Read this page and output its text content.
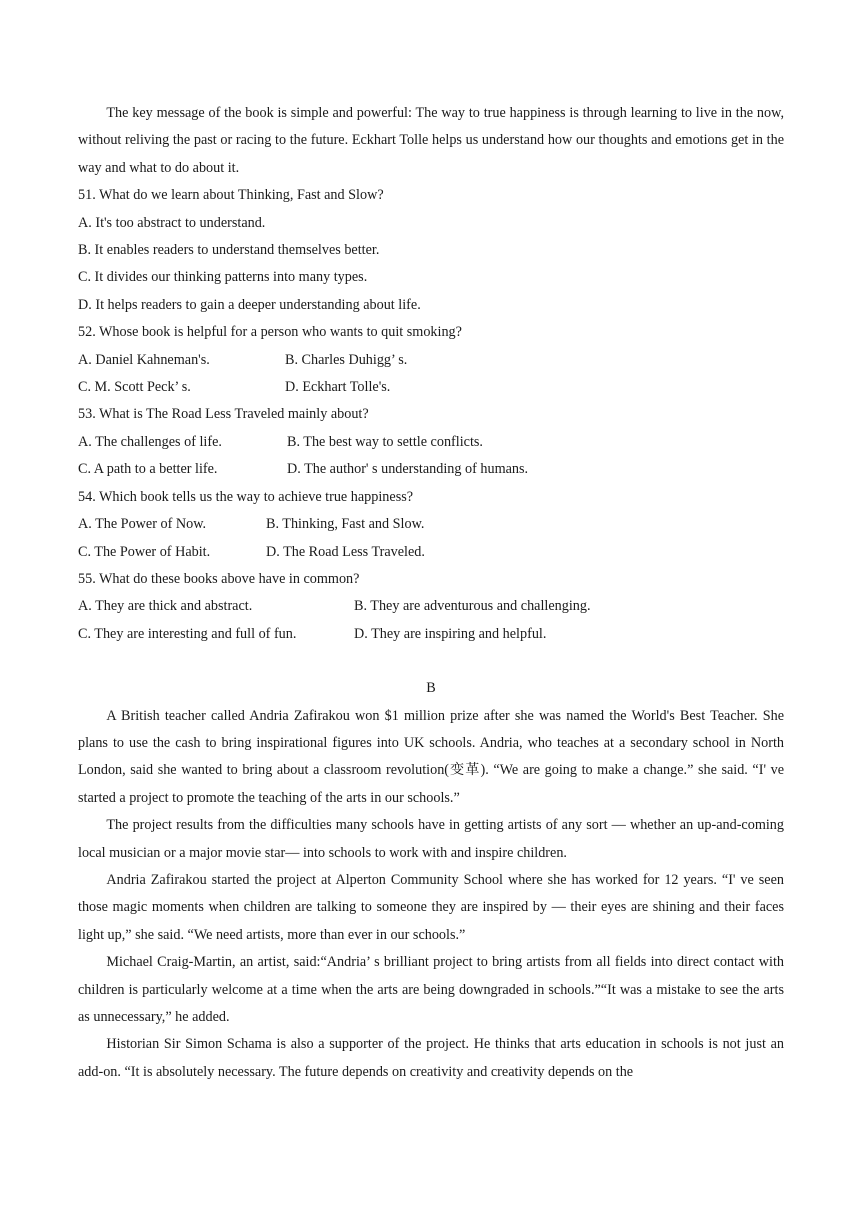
The key message of the book is simple and powerful: The way to true happiness is through learning to live in the now, without reliving the past or racing to the future. Eckhart Tolle helps us understand how our thoughts and emotions get in the way and what to do about it.

51. What do we learn about Thinking, Fast and Slow?

A. It's too abstract to understand.

B. It enables readers to understand themselves better.

C. It divides our thinking patterns into many types.

D. It helps readers to gain a deeper understanding about life.

52. Whose book is helpful for a person who wants to quit smoking?

A. Daniel Kahneman's.	B. Charles Duhigg’ s.
C. M. Scott Peck’ s.	D. Eckhart Tolle's.

53. What is The Road Less Traveled mainly about?

A. The challenges of life.	B. The best way to settle conflicts.
C. A path to a better life.	D. The author' s understanding of humans.

54. Which book tells us the way to achieve true happiness?

A. The Power of Now.	B. Thinking, Fast and Slow.
C. The Power of Habit.	D. The Road Less Traveled.

55. What do these books above have in common?

A. They are thick and abstract.	B. They are adventurous and challenging.
C. They are interesting and full of fun.	D. They are inspiring and helpful.

B

A British teacher called Andria Zafirakou won $1 million prize after she was named the World's Best Teacher. She plans to use the cash to bring inspirational figures into UK schools. Andria, who teaches at a secondary school in North London, said she wanted to bring about a classroom revolution(变革). “We are going to make a change.” she said. “I' ve started a project to promote the teaching of the arts in our schools.”

The project results from the difficulties many schools have in getting artists of any sort — whether an up-and-coming local musician or a major movie star— into schools to work with and inspire children.

Andria Zafirakou started the project at Alperton Community School where she has worked for 12 years. “I' ve seen those magic moments when children are talking to someone they are inspired by — their eyes are shining and their faces light up,” she said. “We need artists, more than ever in our schools.”

Michael Craig-Martin, an artist, said:“Andria’ s brilliant project to bring artists from all fields into direct contact with children is particularly welcome at a time when the arts are being downgraded in schools.”“It was a mistake to see the arts as unnecessary,” he added.

Historian Sir Simon Schama is also a supporter of the project. He thinks that arts education in schools is not just an add-on. “It is absolutely necessary. The future depends on creativity and creativity depends on the
